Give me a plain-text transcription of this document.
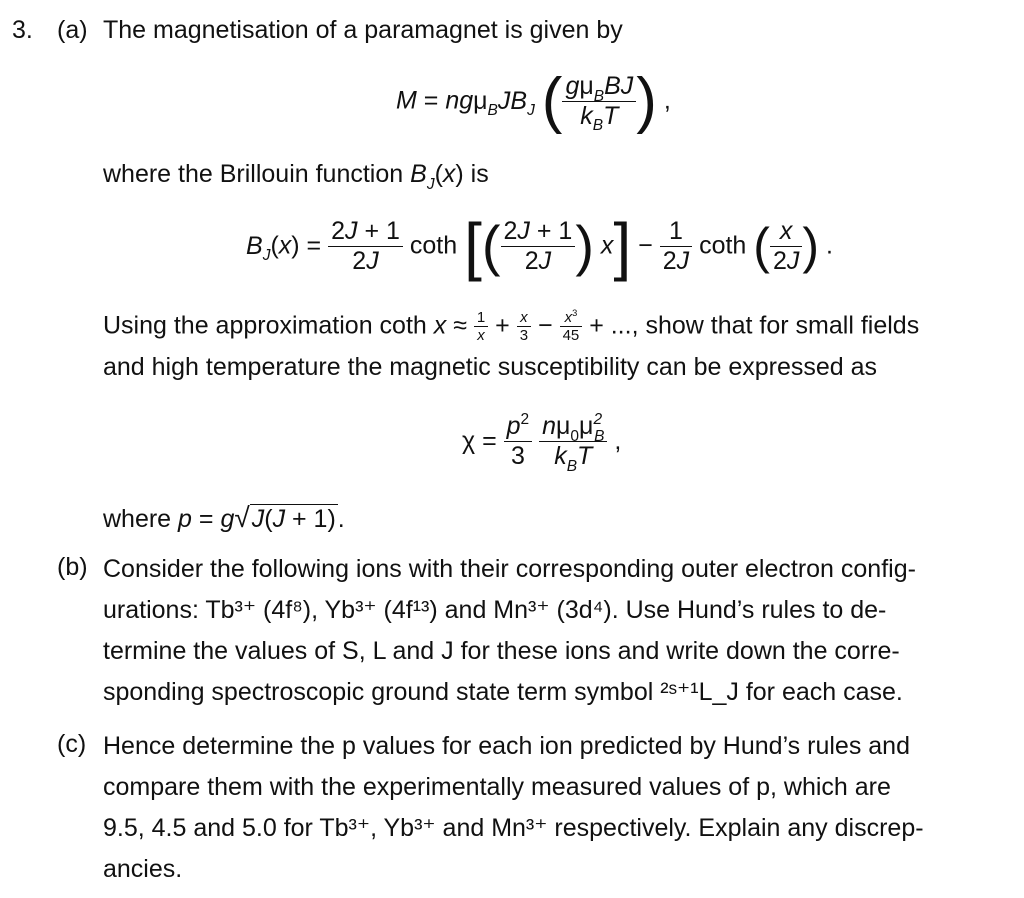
3. (a) The magnetisation of a paramagnet is given by
$M = ng\mu_BJB_J$ ( $\frac{g\mu_BBJ}{k_BT}$ ) ,
where the Brillouin function $B_J(x)$ is
$B_J(x) = \frac{2J + 1}{2J}$ coth [( $\frac{2J + 1}{2J}$ ) $x] - \frac{1}{2J}$ coth ( $\frac{x}{2J}$ ) .
Using the approximation coth $x \approx \frac{1}{x} + \frac{x}{3} - \frac{x^3}{45}$ + ..., show that for small fields
and high temperature the magnetic susceptibility can be expressed as
$\chi = \frac{p^2}{3}$
$\frac{n\mu_0\mu^2_B}{k_BT}$ ,
where p = g√J(J + 1).
(b) Consider the following ions with their corresponding outer electron config-
urations: Tb³⁺ (4f⁸), Yb³⁺ (4f¹³) and Mn³⁺ (3d⁴). Use Hund’s rules to de-
termine the values of S, L and J for these ions and write down the corre-
sponding spectroscopic ground state term symbol ²ˢ⁺¹L_J for each case.
(c) Hence determine the p values for each ion predicted by Hund’s rules and
compare them with the experimentally measured values of p, which are
9.5, 4.5 and 5.0 for Tb³⁺, Yb³⁺ and Mn³⁺ respectively. Explain any discrep-
ancies.
